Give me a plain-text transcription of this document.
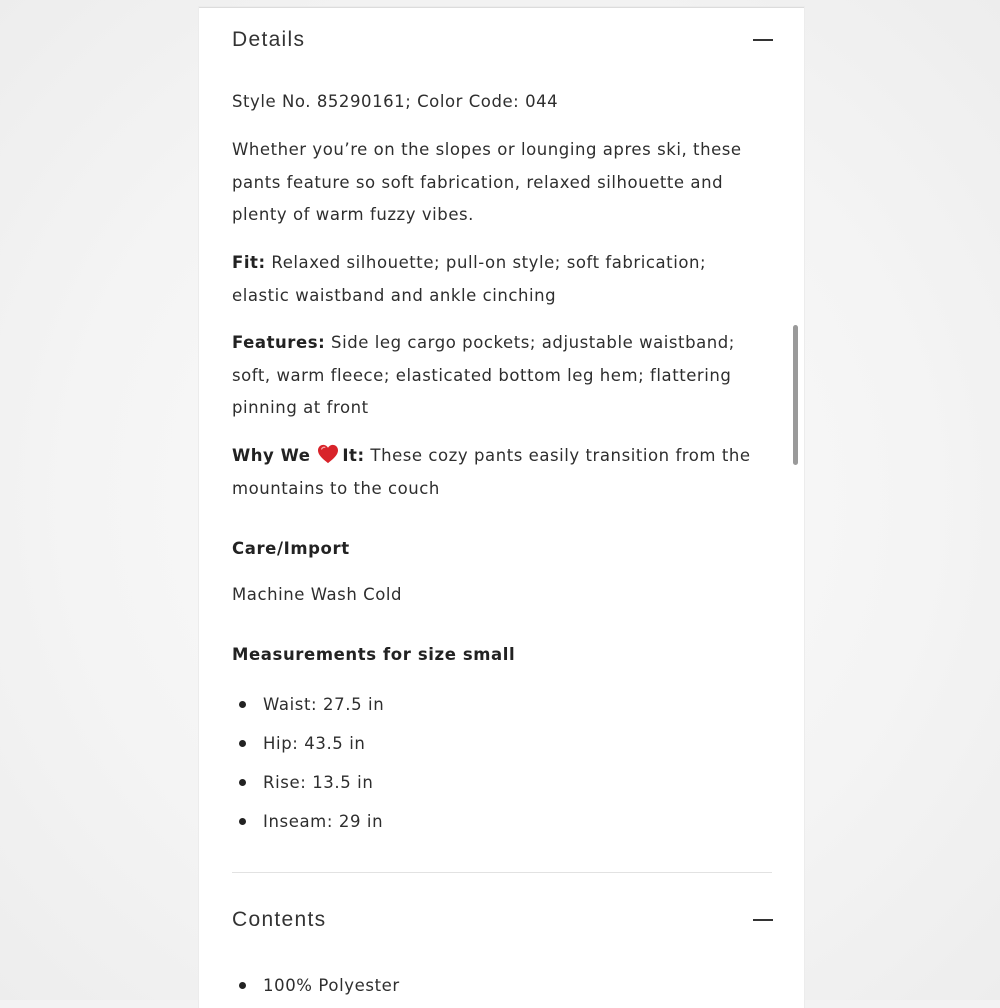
Details

Style No. 85290161; Color Code: 044

Whether you’re on the slopes or lounging apres ski, these pants feature so soft fabrication, relaxed silhouette and plenty of warm fuzzy vibes.

Fit: Relaxed silhouette; pull-on style; soft fabrication; elastic waistband and ankle cinching

Features: Side leg cargo pockets; adjustable waistband; soft, warm fleece; elasticated bottom leg hem; flattering pinning at front

Why We It: These cozy pants easily transition from the mountains to the couch

Care/Import

Machine Wash Cold

Measurements for size small
Waist: 27.5 in
Hip: 43.5 in
Rise: 13.5 in
Inseam: 29 in
Contents
100% Polyester
